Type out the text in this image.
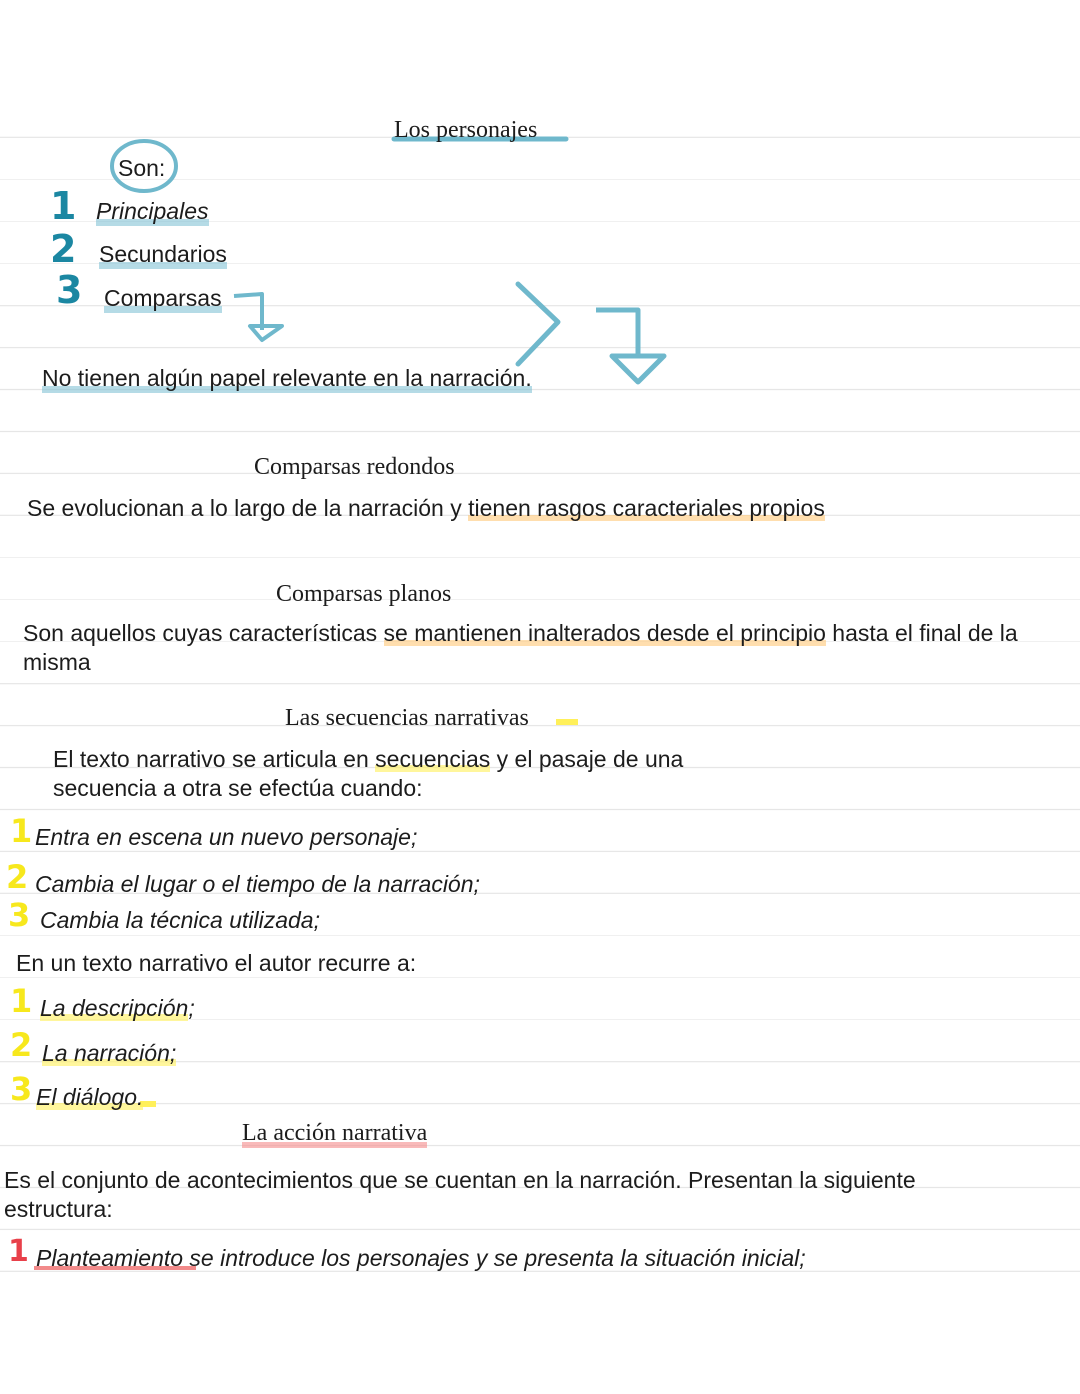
Los personajes
Son:
1 Principales
2 Secundarios
3 Comparsas
No tienen algún papel relevante en la narración.
Comparsas redondos
Se evolucionan a lo largo de la narración y tienen rasgos caracteriales propios
Comparsas planos
Son aquellos cuyas características se mantienen inalterados desde el principio hasta el final de la misma
Las secuencias narrativas
El texto narrativo se articula en secuencias y el pasaje de una
secuencia a otra se efectúa cuando:
1 Entra en escena un nuevo personaje;
2 Cambia el lugar o el tiempo de la narración;
3 Cambia la técnica utilizada;
En un texto narrativo el autor recurre a:
1 La descripción;
2 La narración;
3 El diálogo.
La acción narrativa
Es el conjunto de acontecimientos que se cuentan en la narración. Presentan la siguiente
estructura:
1 Planteamiento se introduce los personajes y se presenta la situación inicial;
